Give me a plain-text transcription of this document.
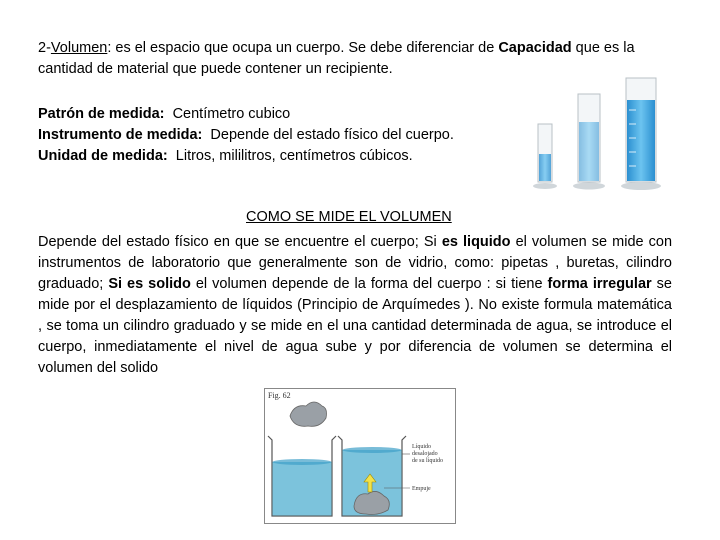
2-Volumen: es el espacio que ocupa un cuerpo. Se debe diferenciar de Capacidad que es la cantidad de material que puede contener un recipiente.

Patrón de medida: Centímetro cubico
Instrumento de medida: Depende del estado físico del cuerpo.
Unidad de medida: Litros, mililitros, centímetros cúbicos.
COMO SE MIDE EL VOLUMEN

Depende del estado físico en que se encuentre el cuerpo; Si es liquido el volumen se mide con instrumentos de laboratorio que generalmente son de vidrio, como: pipetas , buretas, cilindro graduado; Si es solido el volumen depende de la forma del cuerpo : si tiene forma irregular se mide por el desplazamiento de líquidos (Principio de Arquímedes ). No existe formula matemática , se toma un cilindro graduado y se mide en el una cantidad determinada de agua, se introduce el cuerpo, inmediatamente el nivel de agua sube y por diferencia de volumen se determina el volumen del solido

Fig. 62
Líquido
desalojado
de su líquido
Empuje
